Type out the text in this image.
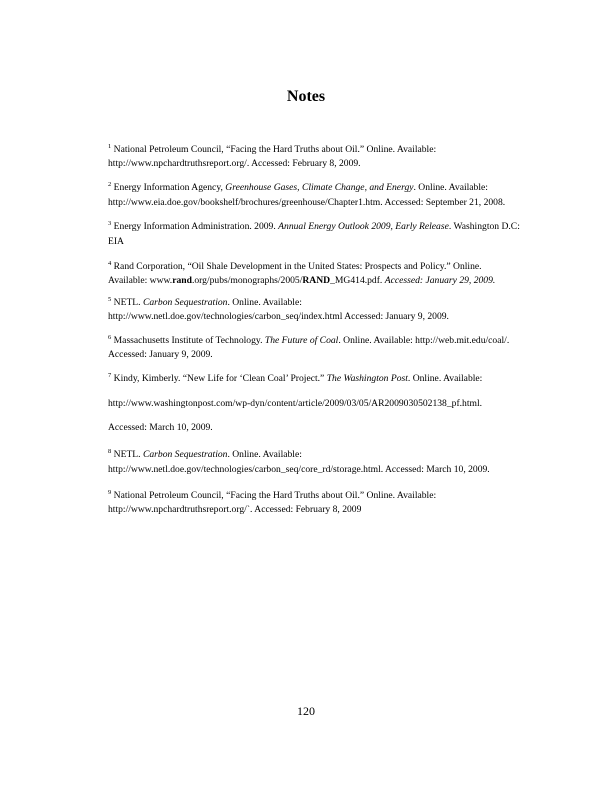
Notes
$^1$ National Petroleum Council, “Facing the Hard Truths about Oil.” Online. Available:
http://www.npchardtruthsreport.org/. Accessed: February 8, 2009.
$^2$ Energy Information Agency, Greenhouse Gases, Climate Change, and Energy. Online. Available:
http://www.eia.doe.gov/bookshelf/brochures/greenhouse/Chapter1.htm. Accessed: September 21, 2008.
$^3$ Energy Information Administration. 2009. Annual Energy Outlook 2009, Early Release. Washington D.C:
EIA
$^4$ Rand Corporation, “Oil Shale Development in the United States: Prospects and Policy.” Online.
Available: www.rand.org/pubs/monographs/2005/RAND_MG414.pdf. Accessed: January 29, 2009.
$^5$ NETL. Carbon Sequestration. Online. Available:
http://www.netl.doe.gov/technologies/carbon_seq/index.html Accessed: January 9, 2009.
$^6$ Massachusetts Institute of Technology. The Future of Coal. Online. Available: http://web.mit.edu/coal/.
Accessed: January 9, 2009.
$^7$ Kindy, Kimberly. “New Life for ‘Clean Coal’ Project.” The Washington Post. Online. Available:
http://www.washingtonpost.com/wp-dyn/content/article/2009/03/05/AR2009030502138_pf.html.
Accessed: March 10, 2009.
$^8$ NETL. Carbon Sequestration. Online. Available:
http://www.netl.doe.gov/technologies/carbon_seq/core_rd/storage.html. Accessed: March 10, 2009.
$^9$ National Petroleum Council, “Facing the Hard Truths about Oil.” Online. Available:
http://www.npchardtruthsreport.org/`. Accessed: February 8, 2009
120
